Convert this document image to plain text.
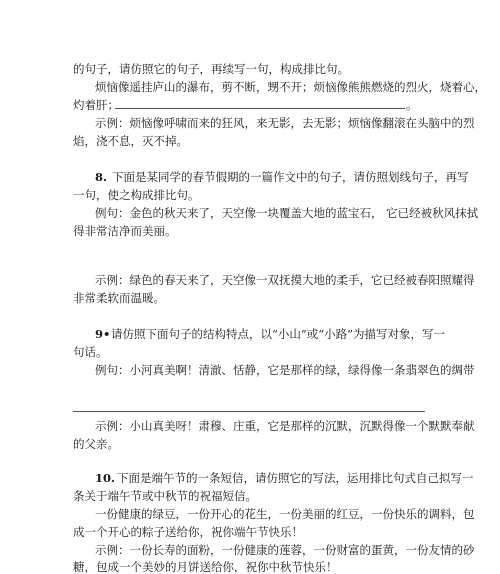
的句子，请仿照它的句子，再续写一句，构成排比句。
烦恼像遥挂庐山的瀑布，剪不断，甥不开；烦恼像熊熊燃烧的烈火，烧着心，
灼着肝；	。
示例：烦恼像呼啸而来的狂风，来无影，去无影；烦恼像翻滚在头脑中的烈
焰，浇不息，灭不掉。
8. 下面是某同学的春节假期的一篇作文中的句子，请仿照划线句子，再写
一句，使之构成排比句。
例句：金色的秋天来了，天空像一块覆盖大地的蓝宝石， 它已经被秋风抹拭
得非常洁净而美丽。
示例：绿色的春天来了，天空像一双抚摸大地的柔手，它已经被春阳照耀得
非常柔软而温暖。
9• 请仿照下面句子的结构特点，以“小山”或“小路”为描写对象，写一
句话。
例句：小河真美啊！清澈、恬静，它是那样的绿，绿得像一条翡翠色的绸带
示例：小山真美呀！肃穆、庄重，它是那样的沉默，沉默得像一个默默奉献
的父亲。
10. 下面是端午节的一条短信，请仿照它的写法，运用排比句式自己拟写一
条关于端午节或中秋节的祝福短信。
一份健康的绿豆，一份开心的花生，一份美丽的红豆，一份快乐的调料，包
成一个开心的粽子送给你，祝你端午节快乐！
示例：一份长寿的面粉，一份健康的莲蓉，一份财富的蛋黄，一份友情的砂
糖，包成一个美妙的月饼送给你，祝你中秋节快乐！
